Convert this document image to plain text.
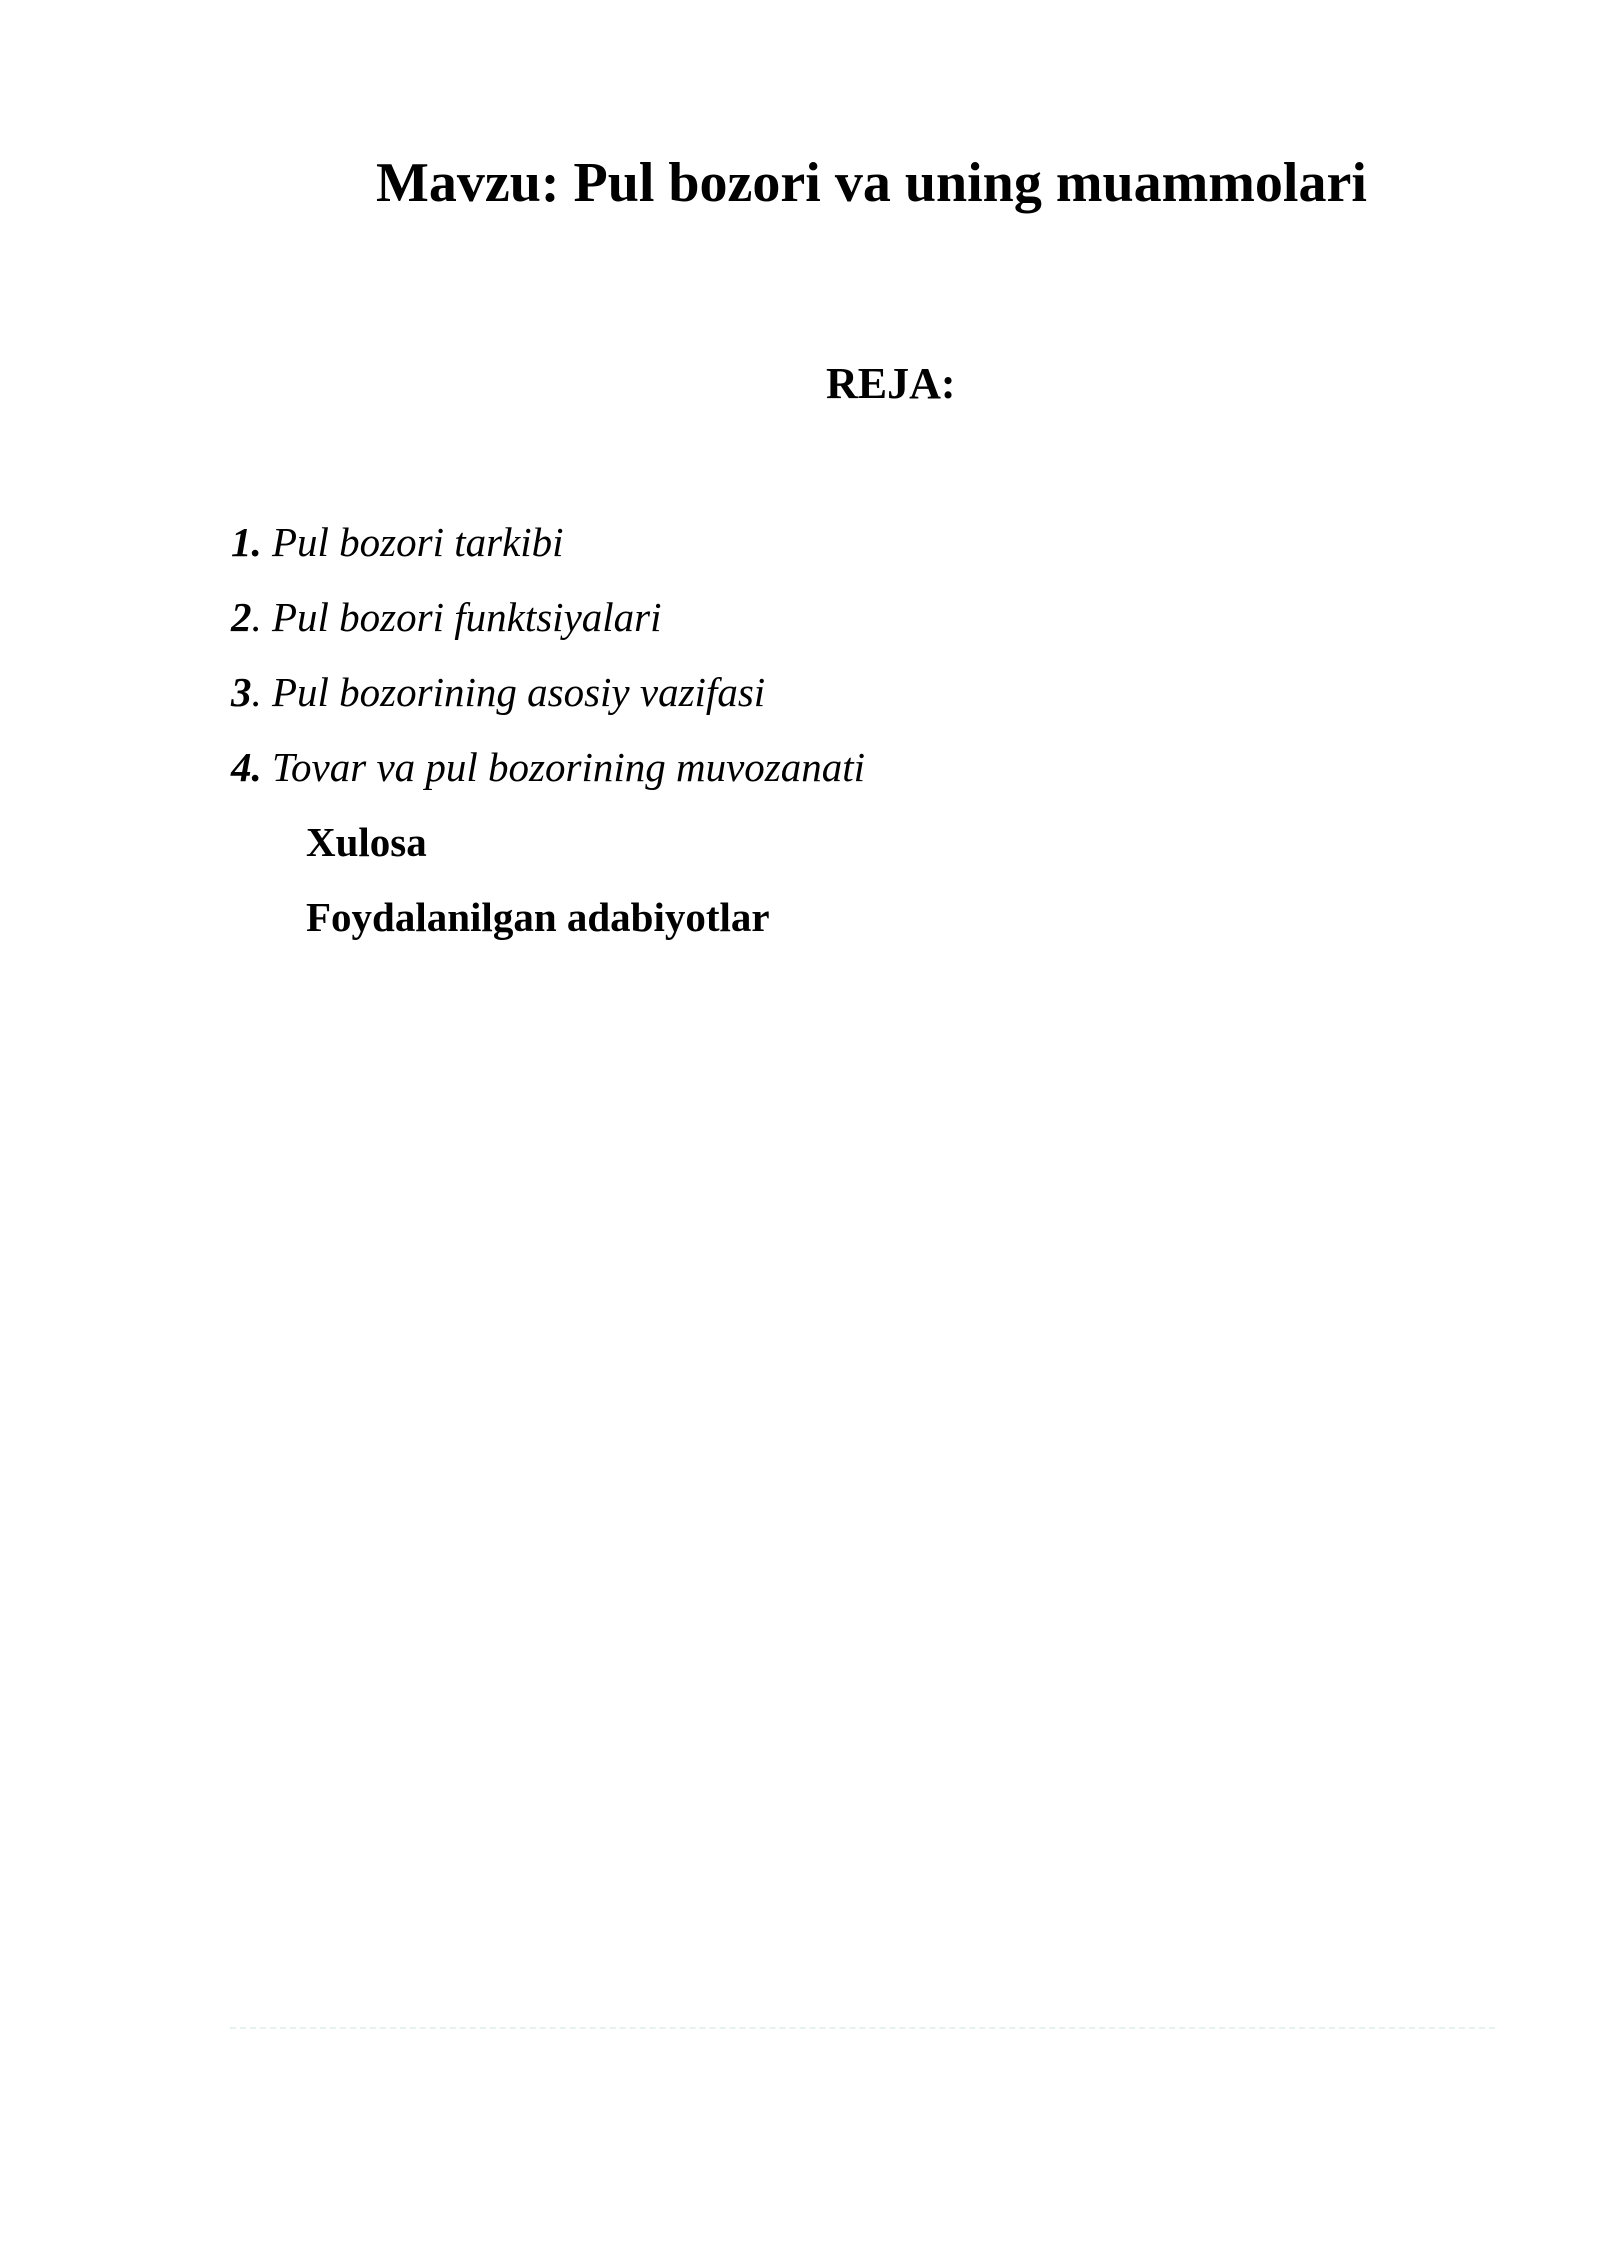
Mavzu: Pul bozori va uning muammolari
REJA:
1. Pul bozori tarkibi
2. Pul bozori funktsiyalari
3. Pul bozorining asosiy vazifasi
4. Tovar va pul bozorining muvozanati
Xulosa
Foydalanilgan adabiyotlar
